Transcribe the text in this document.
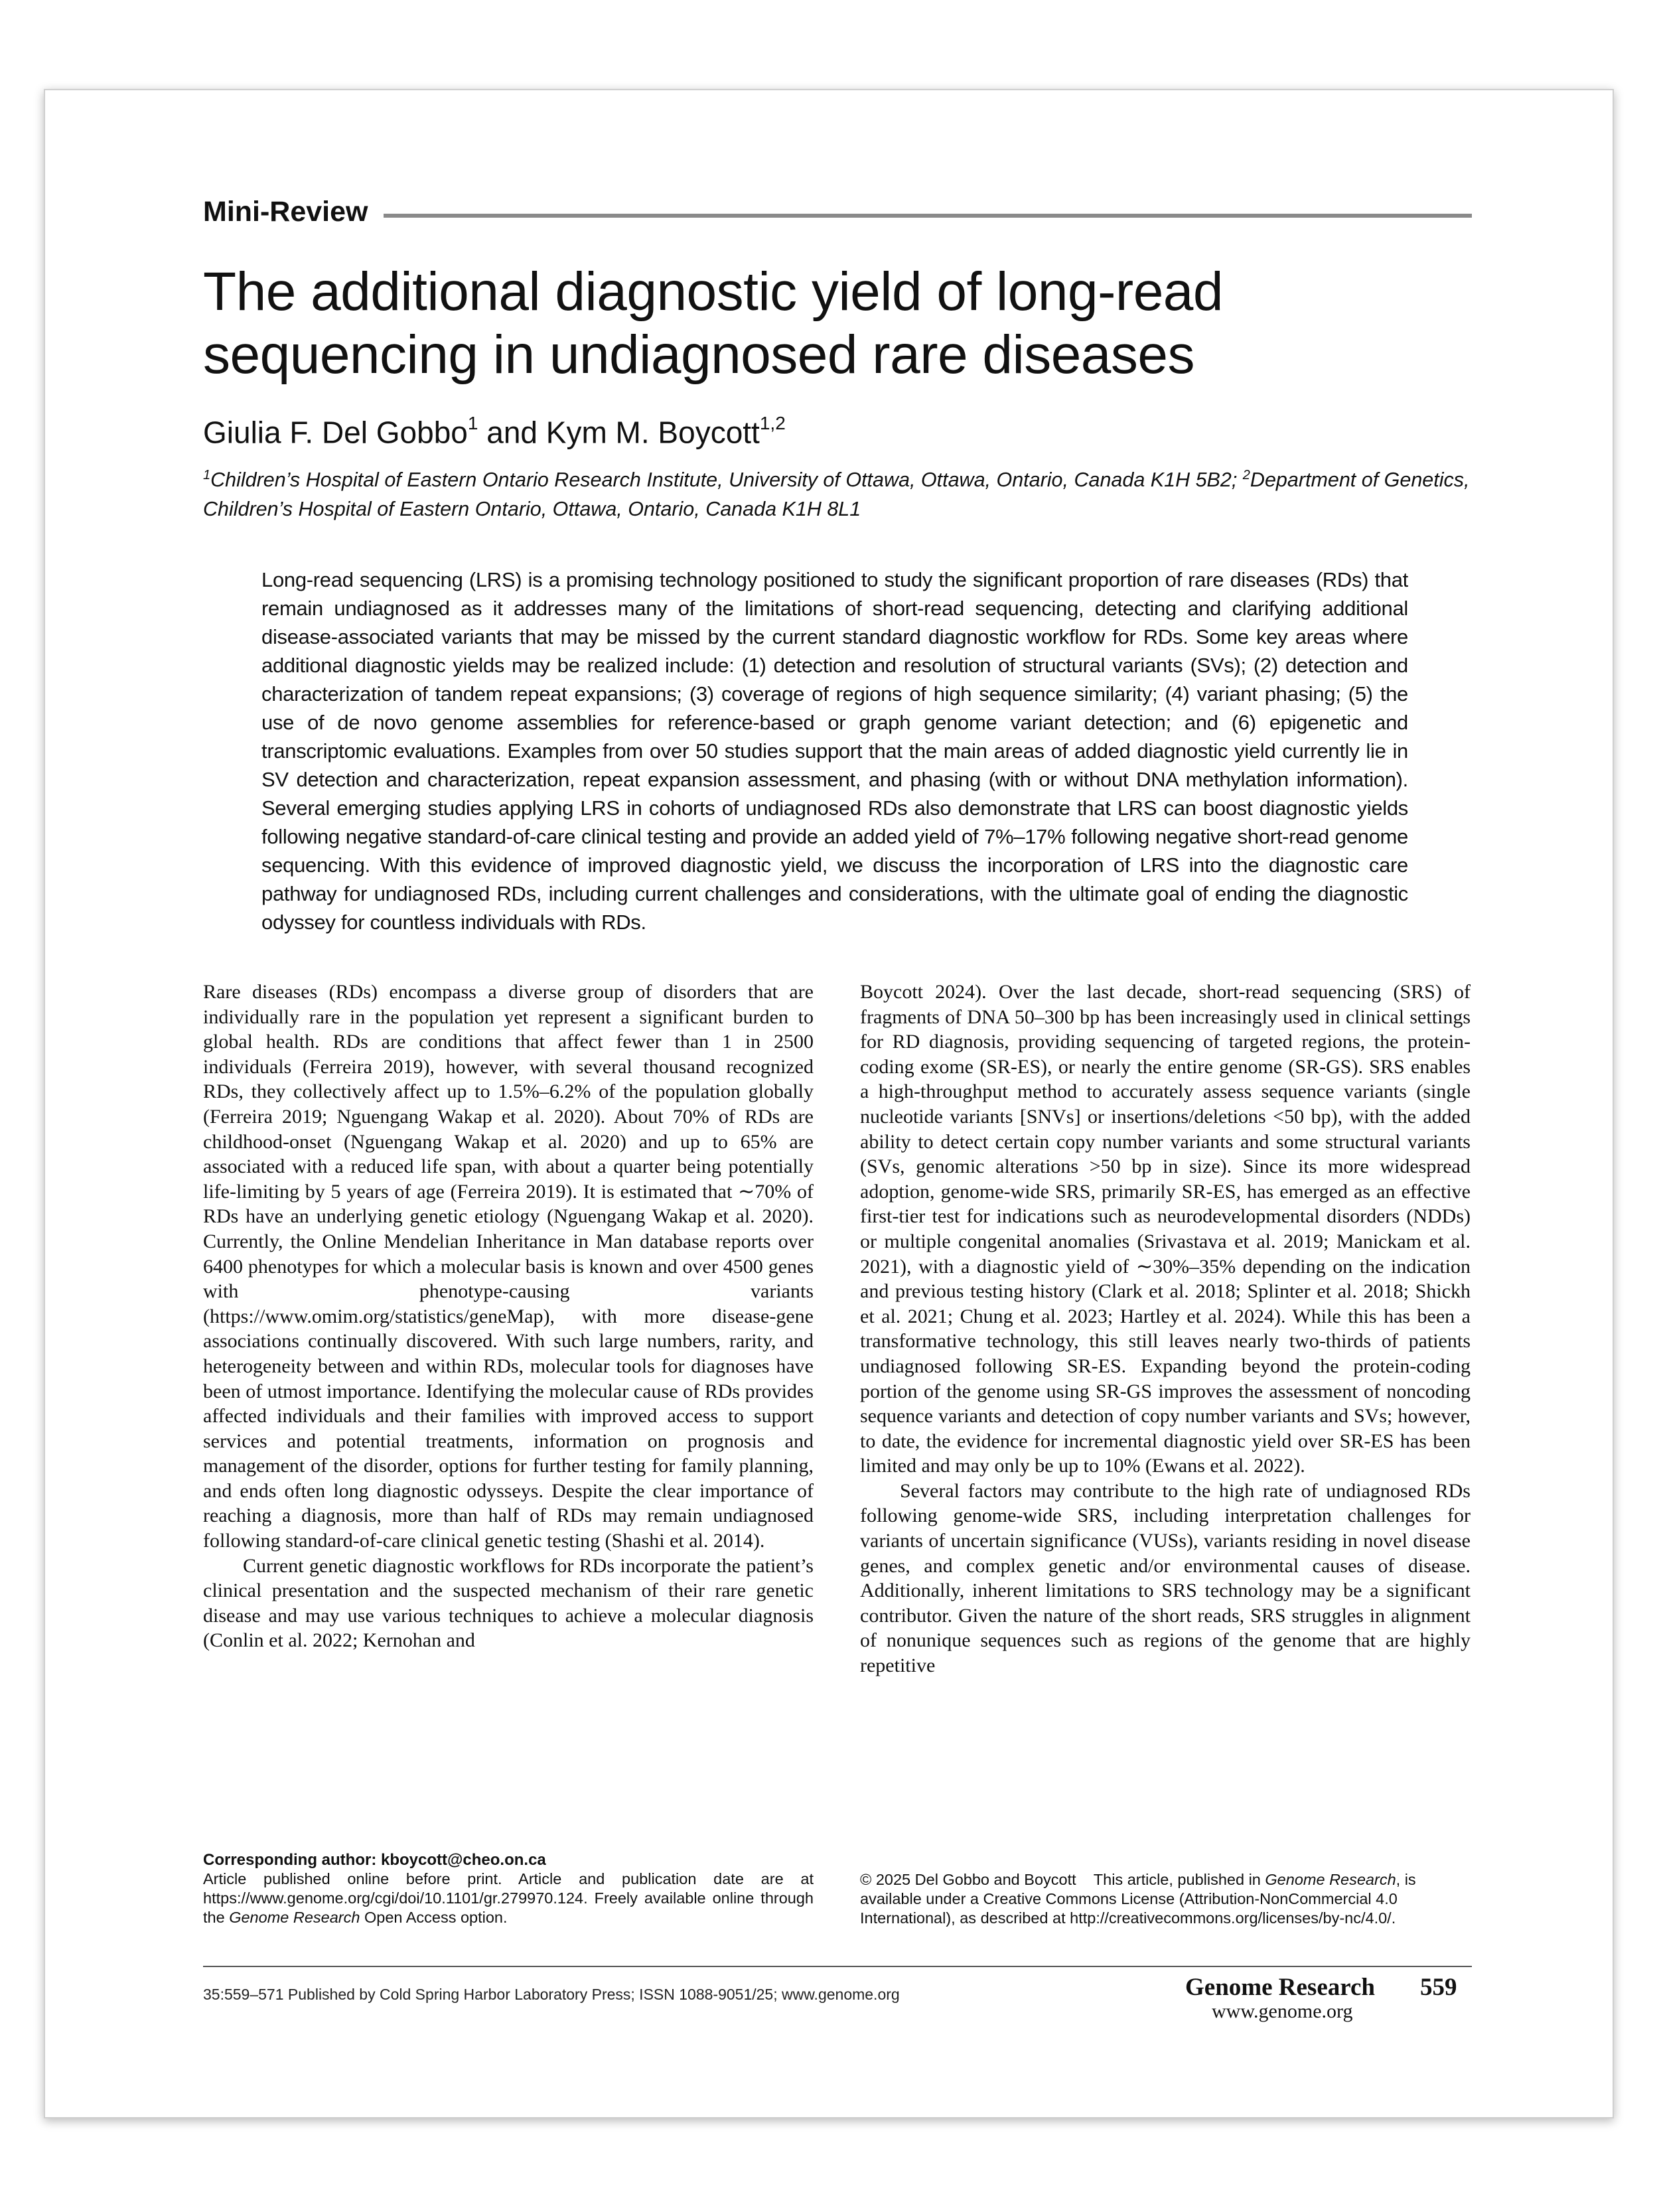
Mini-Review
The additional diagnostic yield of long-read sequencing in undiagnosed rare diseases

Giulia F. Del Gobbo$^1$ and Kym M. Boycott$^{1,2}$

$^1$Children’s Hospital of Eastern Ontario Research Institute, University of Ottawa, Ottawa, Ontario, Canada K1H 5B2; $^2$Department of Genetics, Children’s Hospital of Eastern Ontario, Ottawa, Ontario, Canada K1H 8L1

Long-read sequencing (LRS) is a promising technology positioned to study the significant proportion of rare diseases (RDs) that remain undiagnosed as it addresses many of the limitations of short-read sequencing, detecting and clarifying additional disease-associated variants that may be missed by the current standard diagnostic workflow for RDs. Some key areas where additional diagnostic yields may be realized include: (1) detection and resolution of structural variants (SVs); (2) detection and characterization of tandem repeat expansions; (3) coverage of regions of high sequence similarity; (4) variant phasing; (5) the use of de novo genome assemblies for reference-based or graph genome variant detection; and (6) epigenetic and transcriptomic evaluations. Examples from over 50 studies support that the main areas of added diagnostic yield currently lie in SV detection and characterization, repeat expansion assessment, and phasing (with or without DNA methylation information). Several emerging studies applying LRS in cohorts of undiagnosed RDs also demonstrate that LRS can boost diagnostic yields following negative standard-of-care clinical testing and provide an added yield of 7%–17% following negative short-read genome sequencing. With this evidence of improved diagnostic yield, we discuss the incorporation of LRS into the diagnostic care pathway for undiagnosed RDs, including current challenges and considerations, with the ultimate goal of ending the diagnostic odyssey for countless individuals with RDs.

Rare diseases (RDs) encompass a diverse group of disorders that are individually rare in the population yet represent a significant burden to global health. RDs are conditions that affect fewer than 1 in 2500 individuals (Ferreira 2019), however, with several thousand recognized RDs, they collectively affect up to 1.5%–6.2% of the population globally (Ferreira 2019; Nguengang Wakap et al. 2020). About 70% of RDs are childhood-onset (Nguengang Wakap et al. 2020) and up to 65% are associated with a reduced life span, with about a quarter being potentially life-limiting by 5 years of age (Ferreira 2019). It is estimated that ∼70% of RDs have an underlying genetic etiology (Nguengang Wakap et al. 2020). Currently, the Online Mendelian Inheritance in Man database reports over 6400 phenotypes for which a molecular basis is known and over 4500 genes with phenotype-causing variants (https://www.omim.org/statistics/geneMap), with more disease-gene associations continually discovered. With such large numbers, rarity, and heterogeneity between and within RDs, molecular tools for diagnoses have been of utmost importance. Identifying the molecular cause of RDs provides affected individuals and their families with improved access to support services and potential treatments, information on prognosis and management of the disorder, options for further testing for family planning, and ends often long diagnostic odysseys. Despite the clear importance of reaching a diagnosis, more than half of RDs may remain undiagnosed following standard-of-care clinical genetic testing (Shashi et al. 2014).

Current genetic diagnostic workflows for RDs incorporate the patient’s clinical presentation and the suspected mechanism of their rare genetic disease and may use various techniques to achieve a molecular diagnosis (Conlin et al. 2022; Kernohan and

Boycott 2024). Over the last decade, short-read sequencing (SRS) of fragments of DNA 50–300 bp has been increasingly used in clinical settings for RD diagnosis, providing sequencing of targeted regions, the protein-coding exome (SR-ES), or nearly the entire genome (SR-GS). SRS enables a high-throughput method to accurately assess sequence variants (single nucleotide variants [SNVs] or insertions/deletions <50 bp), with the added ability to detect certain copy number variants and some structural variants (SVs, genomic alterations >50 bp in size). Since its more widespread adoption, genome-wide SRS, primarily SR-ES, has emerged as an effective first-tier test for indications such as neurodevelopmental disorders (NDDs) or multiple congenital anomalies (Srivastava et al. 2019; Manickam et al. 2021), with a diagnostic yield of ∼30%–35% depending on the indication and previous testing history (Clark et al. 2018; Splinter et al. 2018; Shickh et al. 2021; Chung et al. 2023; Hartley et al. 2024). While this has been a transformative technology, this still leaves nearly two-thirds of patients undiagnosed following SR-ES. Expanding beyond the protein-coding portion of the genome using SR-GS improves the assessment of noncoding sequence variants and detection of copy number variants and SVs; however, to date, the evidence for incremental diagnostic yield over SR-ES has been limited and may only be up to 10% (Ewans et al. 2022).

Several factors may contribute to the high rate of undiagnosed RDs following genome-wide SRS, including interpretation challenges for variants of uncertain significance (VUSs), variants residing in novel disease genes, and complex genetic and/or environmental causes of disease. Additionally, inherent limitations to SRS technology may be a significant contributor. Given the nature of the short reads, SRS struggles in alignment of nonunique sequences such as regions of the genome that are highly repetitive

Corresponding author: kboycott@cheo.on.ca
Article published online before print. Article and publication date are at https://www.genome.org/cgi/doi/10.1101/gr.279970.124. Freely available online through the Genome Research Open Access option.
© 2025 Del Gobbo and Boycott This article, published in Genome Research, is available under a Creative Commons License (Attribution-NonCommercial 4.0 International), as described at http://creativecommons.org/licenses/by-nc/4.0/.
35:559–571 Published by Cold Spring Harbor Laboratory Press; ISSN 1088-9051/25; www.genome.org	Genome Research 559
www.genome.org
